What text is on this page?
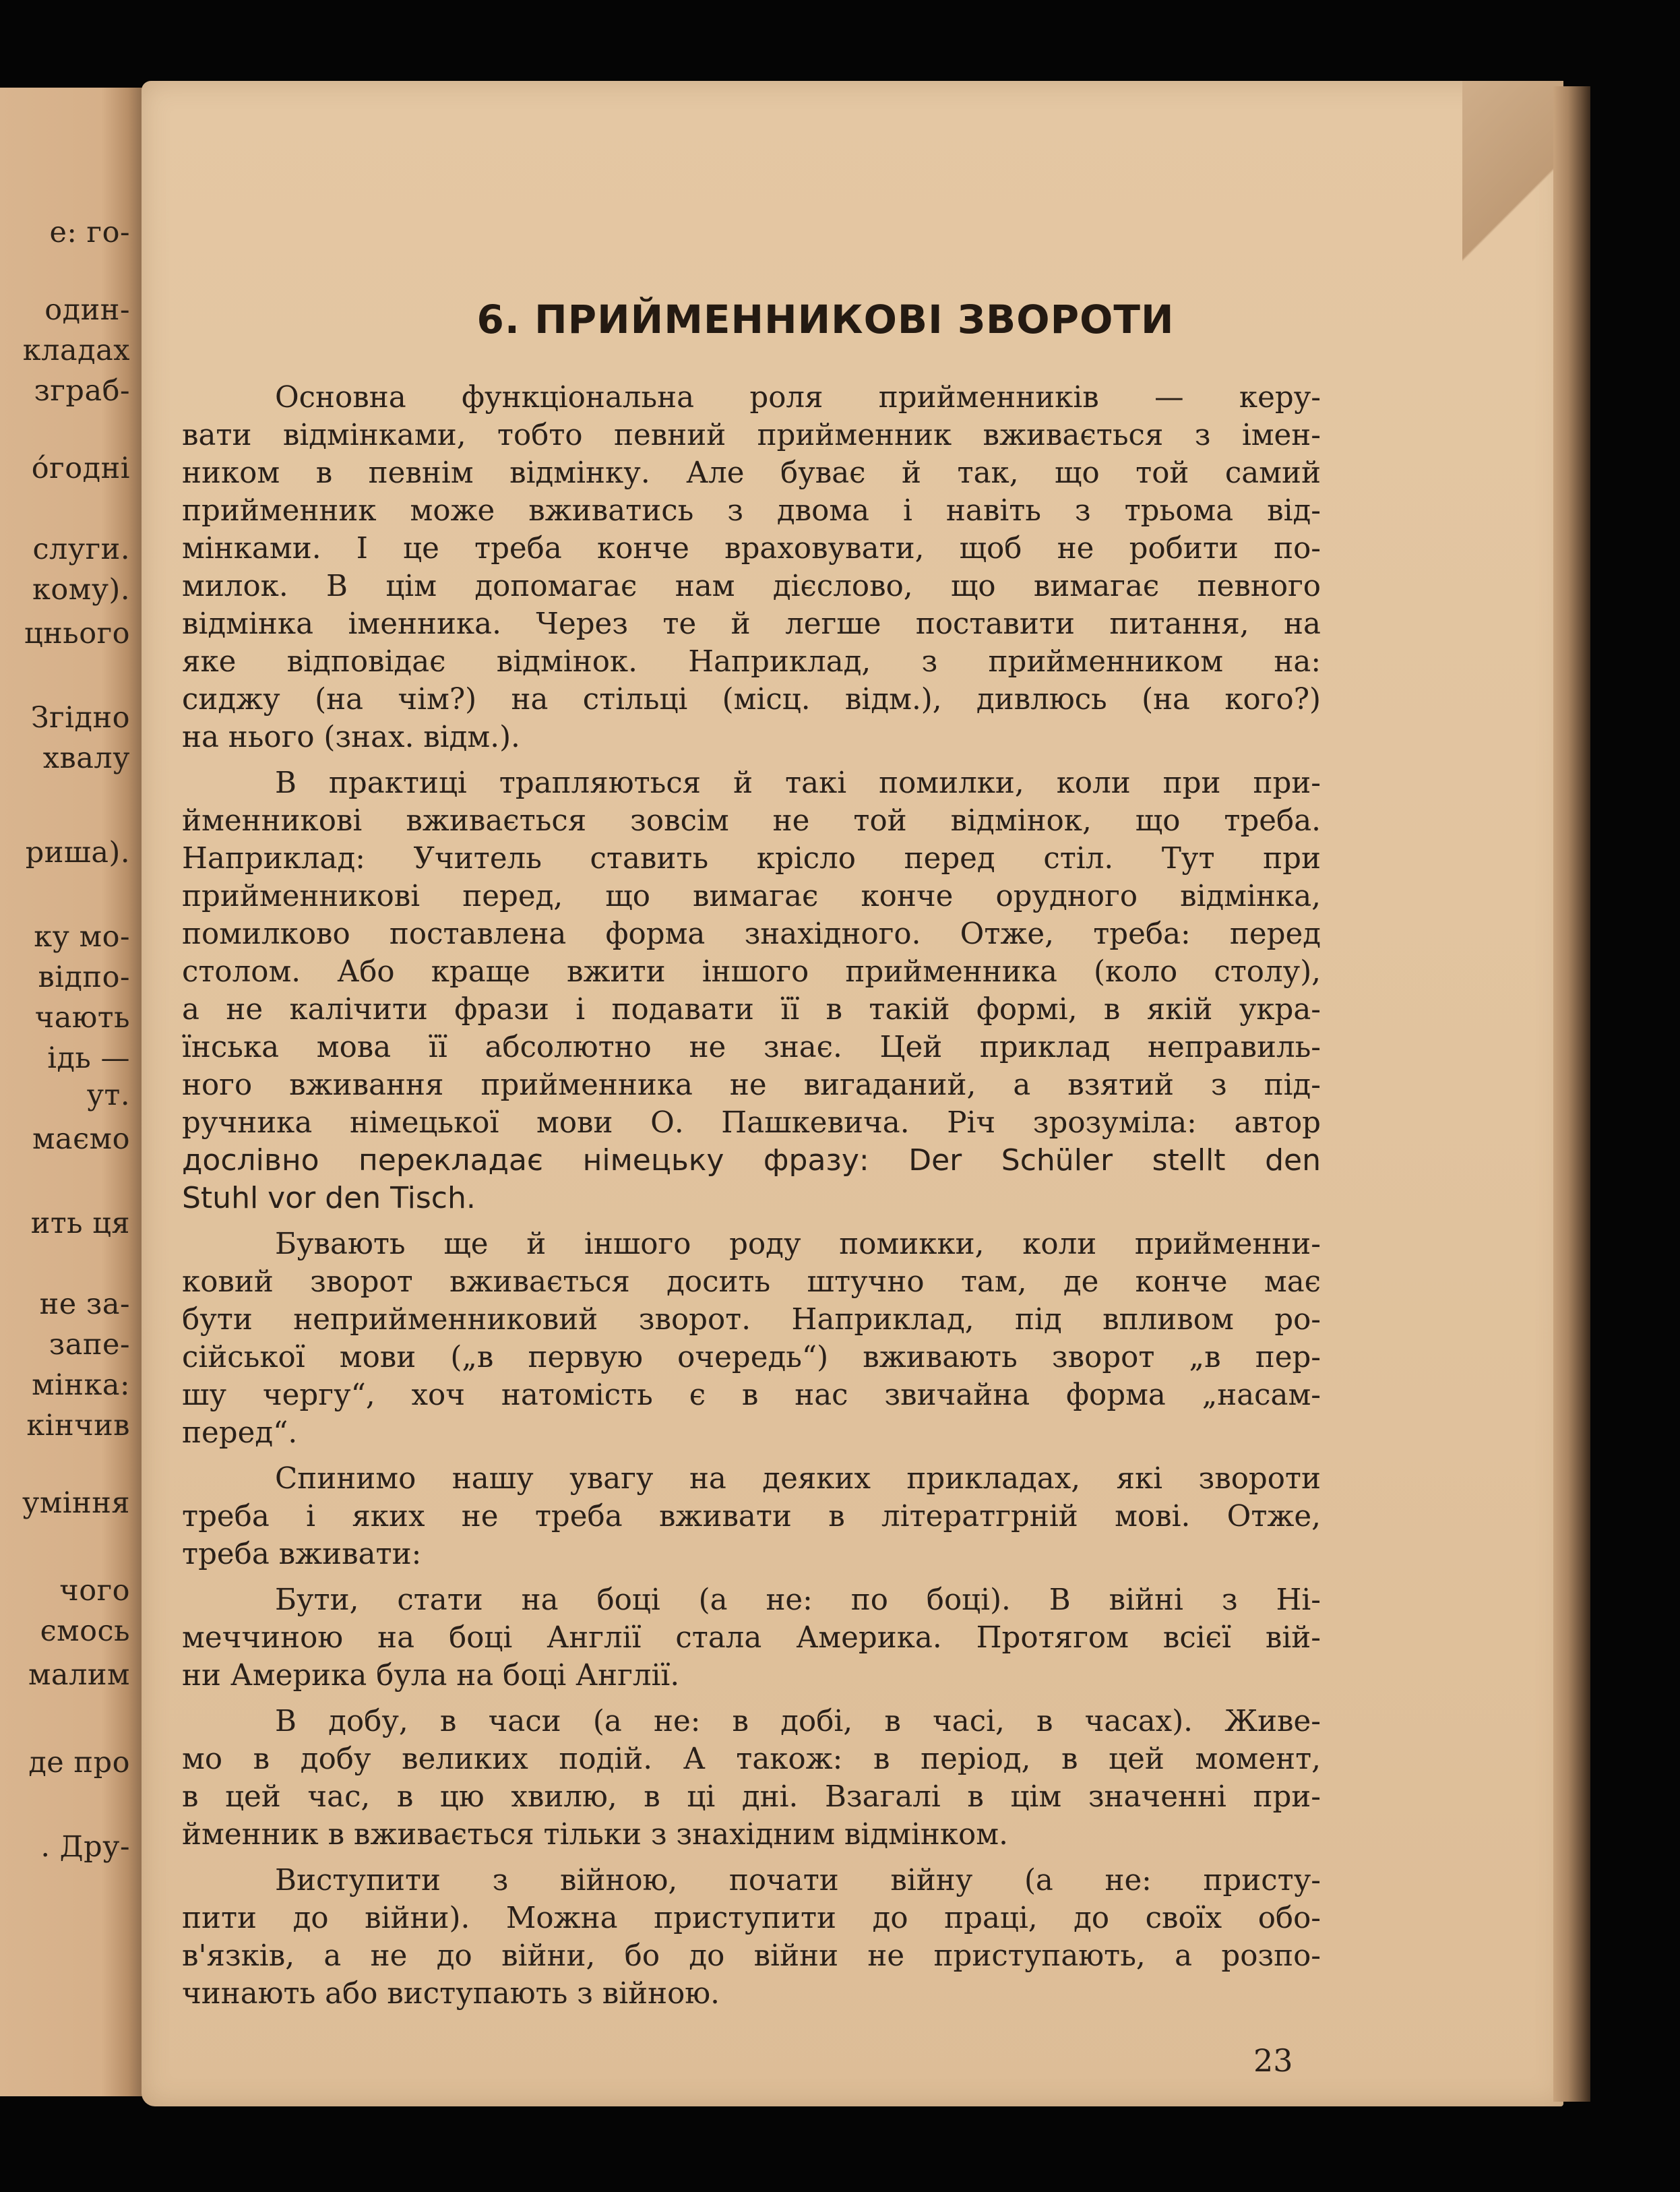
е: го-
один-
кладах
зграб-
óгодні
слуги.
кому).
цнього
Згідно
хвалу
риша).
ку мо-
відпо-
чають
ідь —
ут.
маємо
ить ця
не за-
запе-
мінка:
кінчив
уміння
чого
ємось
малим
де про
. Дру-
6. ПРИЙМЕННИКОВІ ЗВОРОТИ
Основна функціональна роля прийменників — керу-
вати відмінками, тобто певний прийменник вживається з імен-
ником в певнім відмінку. Але буває й так, що той самий
прийменник може вживатись з двома і навіть з трьома від-
мінками. І це треба конче враховувати, щоб не робити по-
милок. В цім допомагає нам дієслово, що вимагає певного
відмінка іменника. Через те й легше поставити питання, на
яке відповідає відмінок. Наприклад, з прийменником на:
сиджу (на чім?) на стільці (місц. відм.), дивлюсь (на кого?)
на нього (знах. відм.).
В практиці трапляються й такі помилки, коли при при-
йменникові вживається зовсім не той відмінок, що треба.
Наприклад: Учитель ставить крісло перед стіл. Тут при
прийменникові перед, що вимагає конче орудного відмінка,
помилково поставлена форма знахідного. Отже, треба: перед
столом. Або краще вжити іншого прийменника (коло столу),
а не калічити фрази і подавати її в такій формі, в якій укра-
їнська мова її абсолютно не знає. Цей приклад неправиль-
ного вживання прийменника не вигаданий, а взятий з під-
ручника німецької мови О. Пашкевича. Річ зрозуміла: автор
дослівно перекладає німецьку фразу: Der Schüler stellt den
Stuhl vor den Tisch.
Бувають ще й іншого роду помикки, коли прийменни-
ковий зворот вживається досить штучно там, де конче має
бути неприйменниковий зворот. Наприклад, під впливом ро-
сійської мови („в первую очередь“) вживають зворот „в пер-
шу чергу“, хоч натомість є в нас звичайна форма „насам-
перед“.
Спинимо нашу увагу на деяких прикладах, які звороти
треба і яких не треба вживати в літератгрній мові. Отже,
треба вживати:
Бути, стати на боці (а не: по боці). В війні з Ні-
меччиною на боці Англії стала Америка. Протягом всієї вій-
ни Америка була на боці Англії.
В добу, в часи (а не: в добі, в часі, в часах). Живе-
мо в добу великих подій. А також: в період, в цей момент,
в цей час, в цю хвилю, в ці дні. Взагалі в цім значенні при-
йменник в вживається тільки з знахідним відмінком.
Виступити з війною, почати війну (а не: присту-
пити до війни). Можна приступити до праці, до своїх обо-
в'язків, а не до війни, бо до війни не приступають, а розпо-
чинають або виступають з війною.
23
